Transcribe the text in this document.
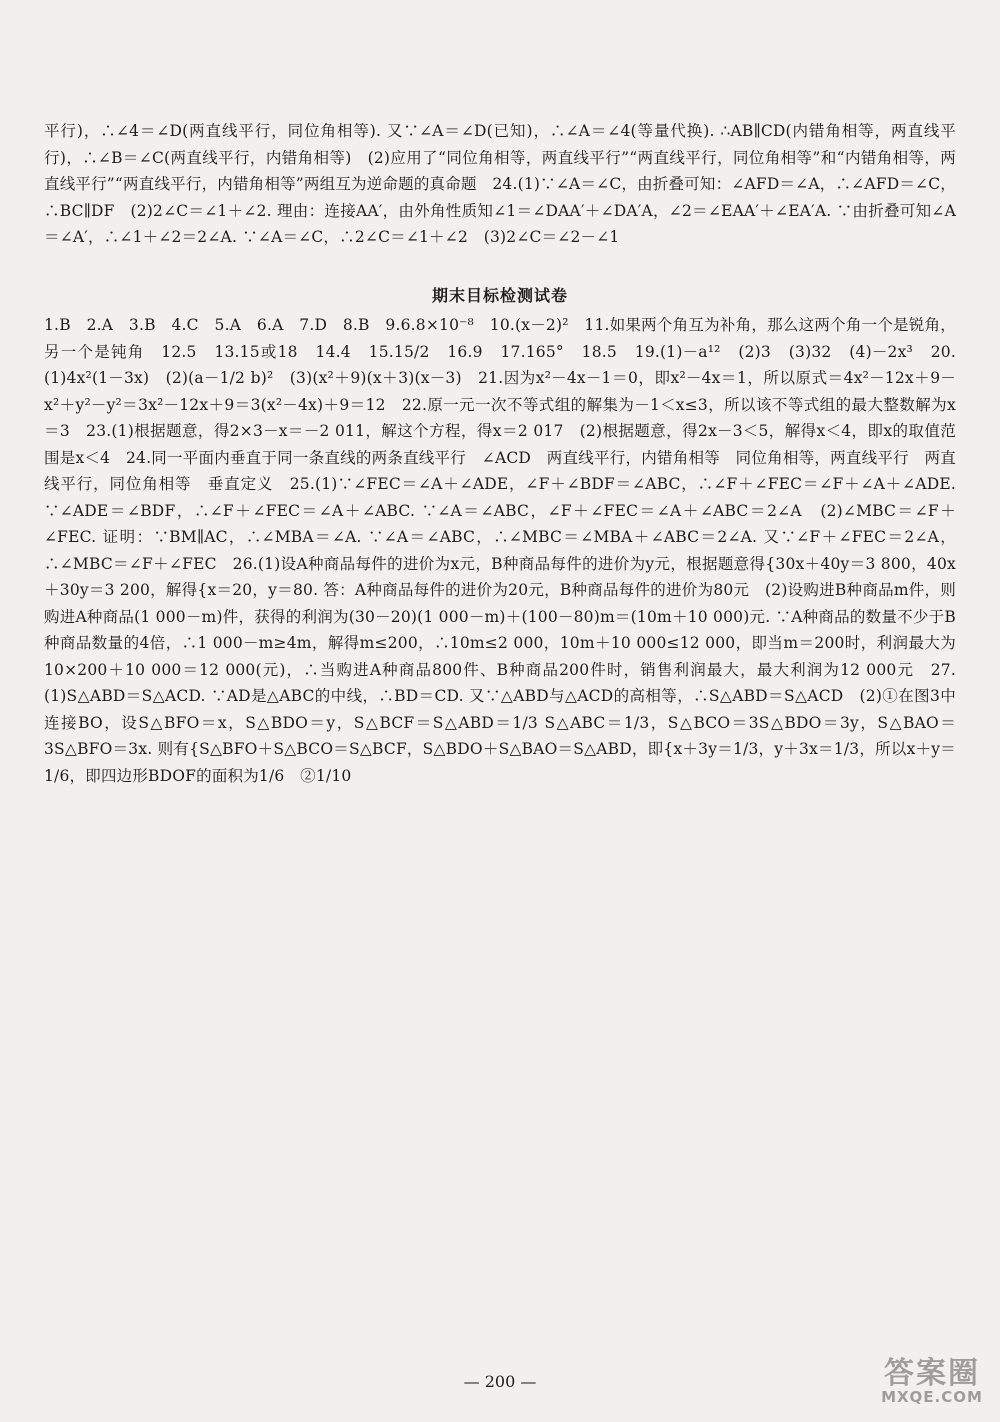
平行)，∴∠4＝∠D(两直线平行，同位角相等). 又∵∠A＝∠D(已知)，∴∠A＝∠4(等量代换). ∴AB∥CD(内错角相等，两直线平行)，∴∠B＝∠C(两直线平行，内错角相等)　(2)应用了“同位角相等，两直线平行”“两直线平行，同位角相等”和“内错角相等，两直线平行”“两直线平行，内错角相等”两组互为逆命题的真命题　24.(1)∵∠A＝∠C，由折叠可知：∠AFD＝∠A，∴∠AFD＝∠C，∴BC∥DF　(2)2∠C＝∠1＋∠2. 理由：连接AA′，由外角性质知∠1＝∠DAA′＋∠DA′A，∠2＝∠EAA′＋∠EA′A. ∵由折叠可知∠A＝∠A′，∴∠1＋∠2＝2∠A. ∵∠A＝∠C，∴2∠C＝∠1＋∠2　(3)2∠C＝∠2－∠1
期末目标检测试卷
1.B　2.A　3.B　4.C　5.A　6.A　7.D　8.B　9.6.8×10⁻⁸　10.(x－2)²　11.如果两个角互为补角，那么这两个角一个是锐角，另一个是钝角　12.5　13.15或18　14.4　15.15/2　16.9　17.165°　18.5　19.(1)－a¹²　(2)3　(3)32　(4)－2x³　20.(1)4x²(1－3x)　(2)(a－1/2 b)²　(3)(x²＋9)(x＋3)(x－3)　21.因为x²－4x－1＝0，即x²－4x＝1，所以原式＝4x²－12x＋9－x²＋y²－y²＝3x²－12x＋9＝3(x²－4x)＋9＝12　22.原一元一次不等式组的解集为－1＜x≤3，所以该不等式组的最大整数解为x＝3　23.(1)根据题意，得2×3－x＝－2 011，解这个方程，得x＝2 017　(2)根据题意，得2x－3＜5，解得x＜4，即x的取值范围是x＜4　24.同一平面内垂直于同一条直线的两条直线平行　∠ACD　两直线平行，内错角相等　同位角相等，两直线平行　两直线平行，同位角相等　垂直定义　25.(1)∵∠FEC＝∠A＋∠ADE，∠F＋∠BDF＝∠ABC，∴∠F＋∠FEC＝∠F＋∠A＋∠ADE. ∵∠ADE＝∠BDF，∴∠F＋∠FEC＝∠A＋∠ABC. ∵∠A＝∠ABC，∠F＋∠FEC＝∠A＋∠ABC＝2∠A　(2)∠MBC＝∠F＋∠FEC. 证明：∵BM∥AC，∴∠MBA＝∠A. ∵∠A＝∠ABC，∴∠MBC＝∠MBA＋∠ABC＝2∠A. 又∵∠F＋∠FEC＝2∠A，∴∠MBC＝∠F＋∠FEC　26.(1)设A种商品每件的进价为x元，B种商品每件的进价为y元，根据题意得{30x＋40y＝3 800，40x＋30y＝3 200，解得{x＝20，y＝80. 答：A种商品每件的进价为20元，B种商品每件的进价为80元　(2)设购进B种商品m件，则购进A种商品(1 000－m)件，获得的利润为(30－20)(1 000－m)＋(100－80)m＝(10m＋10 000)元. ∵A种商品的数量不少于B种商品数量的4倍，∴1 000－m≥4m，解得m≤200，∴10m≤2 000，10m＋10 000≤12 000，即当m＝200时，利润最大为10×200＋10 000＝12 000(元)，∴当购进A种商品800件、B种商品200件时，销售利润最大，最大利润为12 000元　27.(1)S△ABD＝S△ACD. ∵AD是△ABC的中线，∴BD＝CD. 又∵△ABD与△ACD的高相等，∴S△ABD＝S△ACD　(2)①在图3中连接BO，设S△BFO＝x，S△BDO＝y，S△BCF＝S△ABD＝1/3 S△ABC＝1/3，S△BCO＝3S△BDO＝3y，S△BAO＝3S△BFO＝3x. 则有{S△BFO＋S△BCO＝S△BCF，S△BDO＋S△BAO＝S△ABD，即{x＋3y＝1/3，y＋3x＝1/3，所以x＋y＝1/6，即四边形BDOF的面积为1/6　②1/10
— 200 —	答案圈
MXQE.COM
